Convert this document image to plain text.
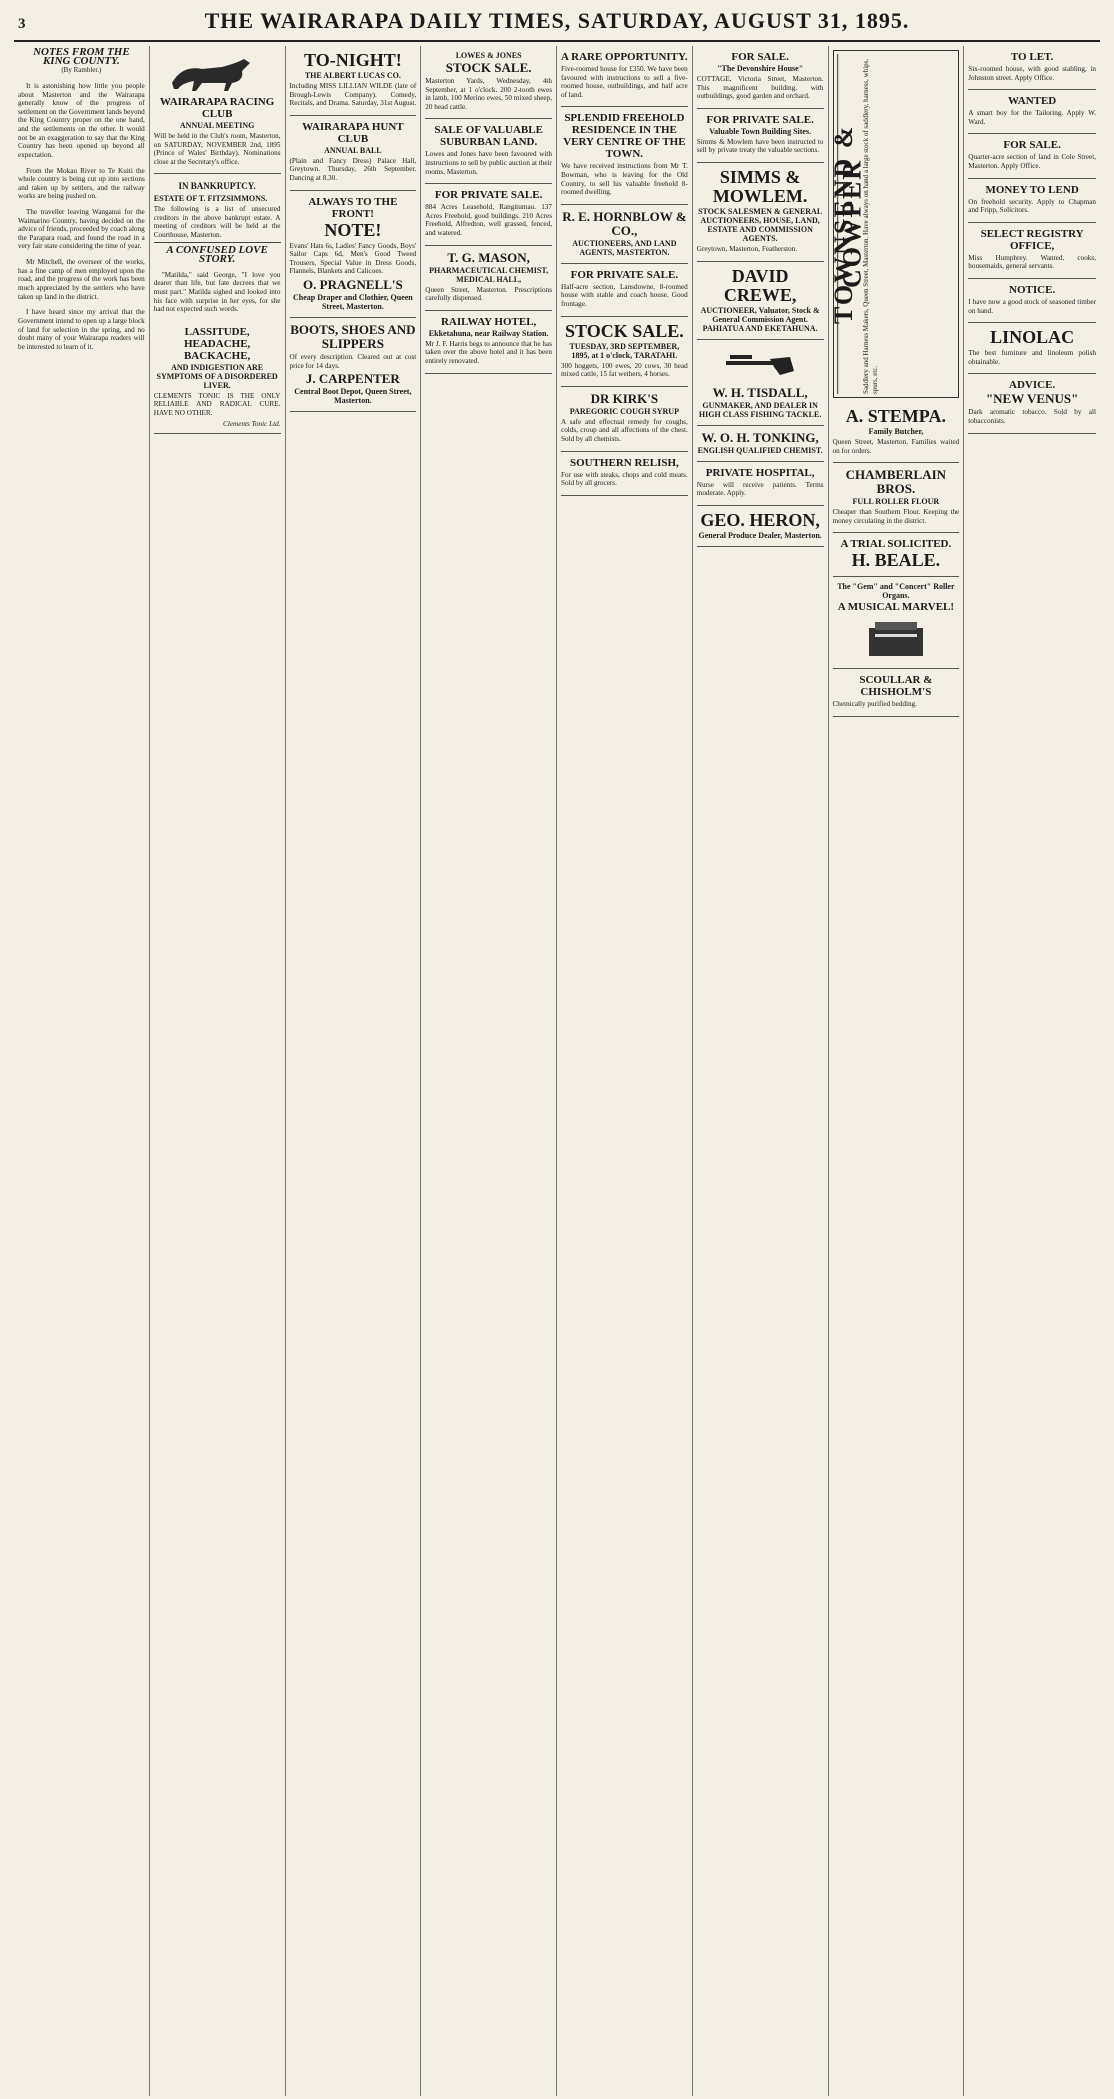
3	THE WAIRARAPA DAILY TIMES, SATURDAY, AUGUST 31, 1895.
NOTES FROM THE KING COUNTY.
(By Rambler.)

It is astonishing how little you people about Masterton and the Wairarapa generally know of the progress of settlement on the Government lands beyond the King Country proper on the one hand, and the settlements on the other. It would not be an exaggeration to say that the King Country has been opened up beyond all expectation.

From the Mokau River to Te Kuiti the whole country is being cut up into sections and taken up by settlers, and the railway works are being pushed on.

The traveller leaving Wanganui for the Waimarino Country, having decided on the advice of friends, proceeded by coach along the Parapara road, and found the road in a very fair state considering the time of year.

Mr Mitchell, the overseer of the works, has a fine camp of men employed upon the road, and the progress of the work has been much appreciated by the settlers who have taken up land in the district.

I have heard since my arrival that the Government intend to open up a large block of land for selection in the spring, and no doubt many of your Wairarapa readers will be interested to learn of it.

WAIRARAPA RACING CLUB
ANNUAL MEETING

Will be held in the Club's room, Masterton, on SATURDAY, NOVEMBER 2nd, 1895 (Prince of Wales' Birthday). Nominations close at the Secretary's office.

IN BANKRUPTCY.
ESTATE OF T. FITZSIMMONS.

The following is a list of unsecured creditors in the above bankrupt estate. A meeting of creditors will be held at the Courthouse, Masterton.

A CONFUSED LOVE STORY.

"Matilda," said George, "I love you dearer than life, but fate decrees that we must part." Matilda sighed and looked into his face with surprise in her eyes, for she had not expected such words.

LASSITUDE, HEADACHE, BACKACHE,
AND INDIGESTION ARE SYMPTOMS OF A DISORDERED LIVER.

CLEMENTS TONIC IS THE ONLY RELIABLE AND RADICAL CURE. HAVE NO OTHER.

Clements Tonic Ltd.
TO-NIGHT!
THE ALBERT LUCAS CO.

Including MISS LILLIAN WILDE (late of Brough-Lewis Company). Comedy, Recitals, and Drama. Saturday, 31st August.

WAIRARAPA HUNT CLUB
ANNUAL BALL

(Plain and Fancy Dress) Palace Hall, Greytown. Thursday, 26th September. Dancing at 8.30.

ALWAYS TO THE FRONT!
NOTE!

Evans' Hats 6s, Ladies' Fancy Goods, Boys' Sailor Caps 6d, Men's Good Tweed Trousers, Special Value in Dress Goods, Flannels, Blankets and Calicoes.

O. PRAGNELL'S
Cheap Draper and Clothier, Queen Street, Masterton.
BOOTS, SHOES AND SLIPPERS

Of every description. Cleared out at cost price for 14 days.

J. CARPENTER
Central Boot Depot, Queen Street, Masterton.
LOWES & JONES
STOCK SALE.

Masterton Yards, Wednesday, 4th September, at 1 o'clock. 200 2-tooth ewes in lamb, 100 Merino ewes, 50 mixed sheep, 20 head cattle.

SALE OF VALUABLE SUBURBAN LAND.

Lowes and Jones have been favoured with instructions to sell by public auction at their rooms, Masterton.

FOR PRIVATE SALE.

884 Acres Leasehold, Rangitumau. 137 Acres Freehold, good buildings. 210 Acres Freehold, Alfredton, well grassed, fenced, and watered.

T. G. MASON,
PHARMACEUTICAL CHEMIST, MEDICAL HALL,

Queen Street, Masterton. Prescriptions carefully dispensed.

RAILWAY HOTEL,
Ekketahuna, near Railway Station.

Mr J. F. Harris begs to announce that he has taken over the above hotel and it has been entirely renovated.

A RARE OPPORTUNITY.

Five-roomed house for £350. We have been favoured with instructions to sell a five-roomed house, outbuildings, and half acre of land.

SPLENDID FREEHOLD RESIDENCE IN THE VERY CENTRE OF THE TOWN.

We have received instructions from Mr T. Bowman, who is leaving for the Old Country, to sell his valuable freehold 8-roomed dwelling.

R. E. HORNBLOW & CO.,
AUCTIONEERS, AND LAND AGENTS, MASTERTON.
FOR PRIVATE SALE.

Half-acre section, Lansdowne, 8-roomed house with stable and coach house. Good frontage.

STOCK SALE.
TUESDAY, 3RD SEPTEMBER, 1895, at 1 o'clock, TARATAHI.

300 hoggets, 100 ewes, 20 cows, 30 head mixed cattle, 15 fat wethers, 4 horses.

DR KIRK'S
PAREGORIC COUGH SYRUP

A safe and effectual remedy for coughs, colds, croup and all affections of the chest. Sold by all chemists.

SOUTHERN RELISH,

For use with steaks, chops and cold meats. Sold by all grocers.

FOR SALE.
"The Devonshire House"

COTTAGE, Victoria Street, Masterton. This magnificent building, with outbuildings, good garden and orchard.

FOR PRIVATE SALE.
Valuable Town Building Sites.

Simms & Mowlem have been instructed to sell by private treaty the valuable sections.

SIMMS & MOWLEM.
STOCK SALESMEN & GENERAL AUCTIONEERS, HOUSE, LAND, ESTATE AND COMMISSION AGENTS.

Greytown, Masterton, Featherston.

DAVID CREWE,
AUCTIONEER, Valuator, Stock & General Commission Agent. PAHIATUA AND EKETAHUNA.
W. H. TISDALL,
GUNMAKER, AND DEALER IN HIGH CLASS FISHING TACKLE.
W. O. H. TONKING,
ENGLISH QUALIFIED CHEMIST.
PRIVATE HOSPITAL,

Nurse will receive patients. Terms moderate. Apply.

GEO. HERON,
General Produce Dealer, Masterton.
TOWNSEND & COWPER
Saddlery and Harness Makers, Queen Street, Masterton. Have always on hand a large stock of saddlery, harness, whips, spurs, etc.
A. STEMPA.
Family Butcher,

Queen Street, Masterton. Families waited on for orders.

CHAMBERLAIN BROS.
FULL ROLLER FLOUR

Cheaper than Southern Flour. Keeping the money circulating in the district.

A TRIAL SOLICITED.
H. BEALE.
The "Gem" and "Concert" Roller Organs.
A MUSICAL MARVEL!
SCOULLAR & CHISHOLM'S

Chemically purified bedding.

TO LET.

Six-roomed house, with good stabling, in Johnston street. Apply Office.

WANTED

A smart boy for the Tailoring. Apply W. Ward.

FOR SALE.

Quarter-acre section of land in Cole Street, Masterton. Apply Office.

MONEY TO LEND

On freehold security. Apply to Chapman and Fripp, Solicitors.

SELECT REGISTRY OFFICE,

Miss Humphrey. Wanted, cooks, housemaids, general servants.

NOTICE.

I have now a good stock of seasoned timber on hand.

LINOLAC

The best furniture and linoleum polish obtainable.

ADVICE.
"NEW VENUS"

Dark aromatic tobacco. Sold by all tobacconists.
